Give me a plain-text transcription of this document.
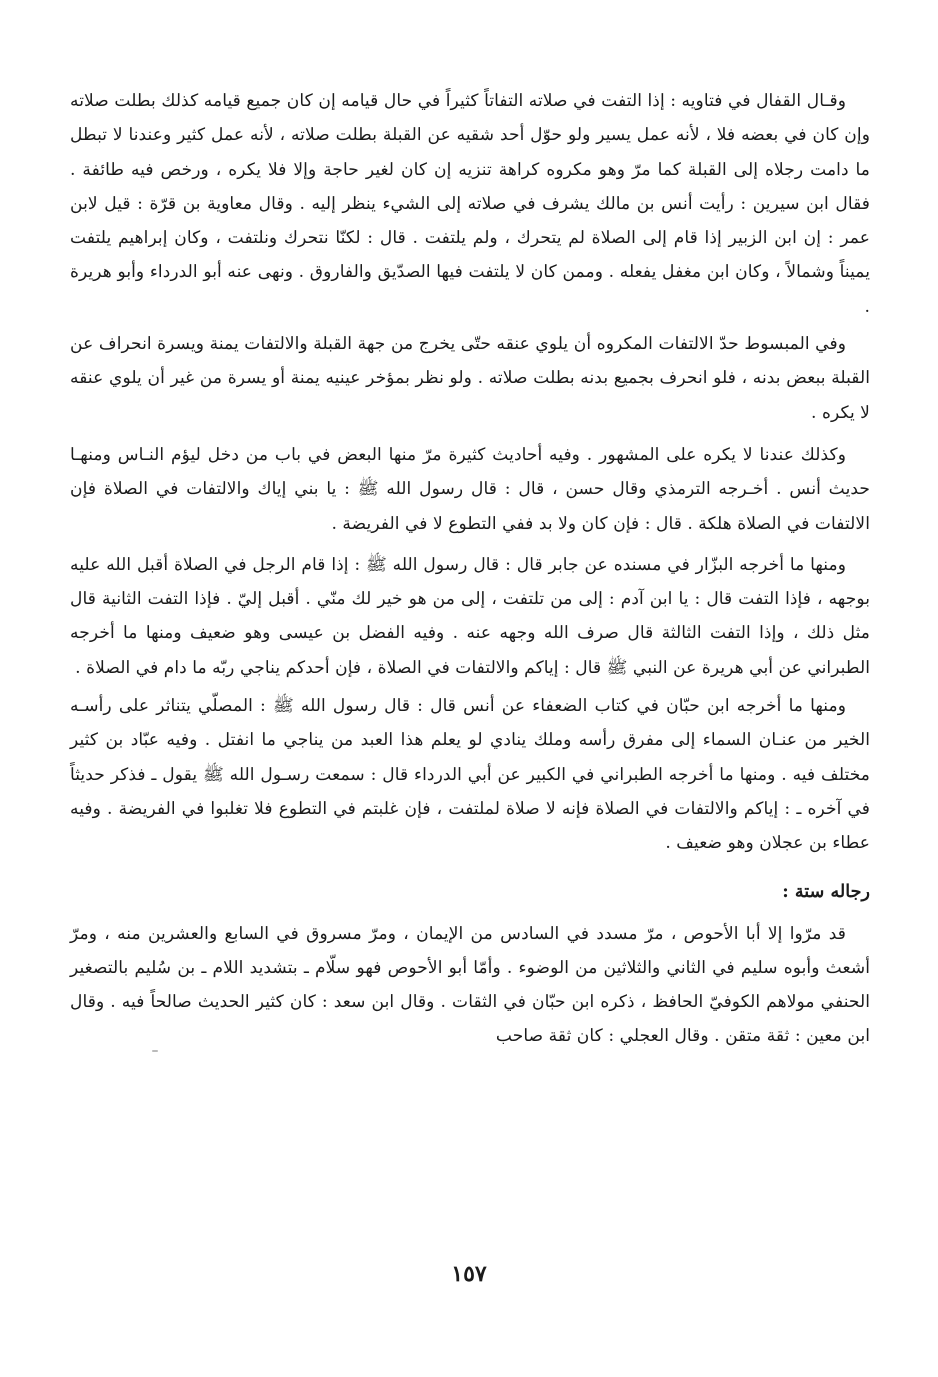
وقـال القفال في فتاويه : إذا التفت في صلاته التفاتاً كثيراً في حال قيامه إن كان جميع قيامه كذلك بطلت صلاته وإن كان في بعضه فلا ، لأنه عمل يسير ولو حوّل أحد شقيه عن القبلة بطلت صلاته ، لأنه عمل كثير وعندنا لا تبطل ما دامت رجلاه إلى القبلة كما مرّ وهو مكروه كراهة تنزيه إن كان لغير حاجة وإلا فلا يكره ، ورخص فيه طائفة . فقال ابن سيرين : رأيت أنس بن مالك يشرف في صلاته إلى الشيء ينظر إليه . وقال معاوية بن قرّة : قيل لابن عمر : إن ابن الزبير إذا قام إلى الصلاة لم يتحرك ، ولم يلتفت . قال : لكنّا نتحرك ونلتفت ، وكان إبراهيم يلتفت يميناً وشمالاً ، وكان ابن مغفل يفعله . وممن كان لا يلتفت فيها الصدّيق والفاروق . ونهى عنه أبو الدرداء وأبو هريرة .

وفي المبسوط حدّ الالتفات المكروه أن يلوي عنقه حتّى يخرج من جهة القبلة والالتفات يمنة ويسرة انحراف عن القبلة ببعض بدنه ، فلو انحرف بجميع بدنه بطلت صلاته . ولو نظر بمؤخر عينيه يمنة أو يسرة من غير أن يلوي عنقه لا يكره .

وكذلك عندنا لا يكره على المشهور . وفيه أحاديث كثيرة مرّ منها البعض في باب من دخل ليؤم النـاس ومنهـا حديث أنس . أخـرجه الترمذي وقال حسن ، قال : قال رسول الله ﷺ : يا بني إياك والالتفات في الصلاة فإن الالتفات في الصلاة هلكة . قال : فإن كان ولا بد ففي التطوع لا في الفريضة .

ومنها ما أخرجه البزّار في مسنده عن جابر قال : قال رسول الله ﷺ : إذا قام الرجل في الصلاة أقبل الله عليه بوجهه ، فإذا التفت قال : يا ابن آدم : إلى من تلتفت ، إلى من هو خير لك منّي . أقبل إليّ . فإذا التفت الثانية قال مثل ذلك ، وإذا التفت الثالثة قال صرف الله وجهه عنه . وفيه الفضل بن عيسى وهو ضعيف ومنها ما أخرجه الطبراني عن أبي هريرة عن النبي ﷺ قال : إياكم والالتفات في الصلاة ، فإن أحدكم يناجي ربّه ما دام في الصلاة .

ومنها ما أخرجه ابن حبّان في كتاب الضعفاء عن أنس قال : قال رسول الله ﷺ : المصلّي يتناثر على رأسـه الخير من عنـان السماء إلى مفرق رأسه وملك ينادي لو يعلم هذا العبد من يناجي ما انفتل . وفيه عبّاد بن كثير مختلف فيه . ومنها ما أخرجه الطبراني في الكبير عن أبي الدرداء قال : سمعت رسـول الله ﷺ يقول ـ فذكر حديثاً في آخره ـ : إياكم والالتفات في الصلاة فإنه لا صلاة لملتفت ، فإن غلبتم في التطوع فلا تغلبوا في الفريضة . وفيه عطاء بن عجلان وهو ضعيف .

رجاله ستة :

قد مرّوا إلا أبا الأحوص ، مرّ مسدد في السادس من الإيمان ، ومرّ مسروق في السابع والعشرين منه ، ومرّ أشعث وأبوه سليم في الثاني والثلاثين من الوضوء . وأمّا أبو الأحوص فهو سلّام ـ بتشديد اللام ـ بن سُليم بالتصغير الحنفي مولاهم الكوفيّ الحافظ ، ذكره ابن حبّان في الثقات . وقال ابن سعد : كان كثير الحديث صالحاً فيه . وقال ابن معين : ثقة متقن . وقال العجلي : كان ثقة صاحب

١٥٧
